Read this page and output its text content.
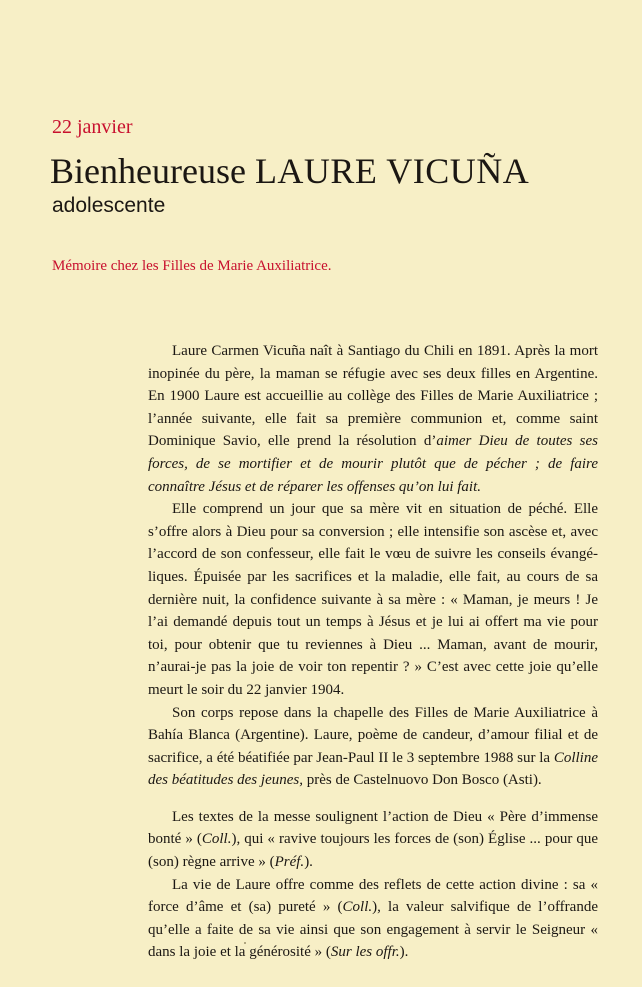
22 janvier
Bienheureuse LAURE VICUÑA
adolescente
Mémoire chez les Filles de Marie Auxiliatrice.

Laure Carmen Vicuña naît à Santiago du Chili en 1891. Après la mort inopinée du père, la maman se réfugie avec ses deux filles en Argentine. En 1900 Laure est accueillie au collège des Filles de Marie Auxiliatrice ; l’année suivante, elle fait sa première communion et, comme saint Dominique Savio, elle prend la résolution d’aimer Dieu de toutes ses forces, de se mortifier et de mourir plutôt que de pécher ; de faire connaître Jésus et de réparer les offenses qu’on lui fait.

Elle comprend un jour que sa mère vit en situation de péché. Elle s’offre alors à Dieu pour sa conversion ; elle intensifie son ascèse et, avec l’accord de son confesseur, elle fait le vœu de suivre les conseils évangéliques. Épuisée par les sacrifices et la maladie, elle fait, au cours de sa dernière nuit, la confidence suivante à sa mère : « Maman, je meurs ! Je l’ai demandé depuis tout un temps à Jésus et je lui ai offert ma vie pour toi, pour obtenir que tu reviennes à Dieu ... Maman, avant de mourir, n’aurai-je pas la joie de voir ton repentir ? » C’est avec cette joie qu’elle meurt le soir du 22 janvier 1904.

Son corps repose dans la chapelle des Filles de Marie Auxiliatrice à Bahía Blanca (Argentine). Laure, poème de candeur, d’amour filial et de sacrifice, a été béatifiée par Jean-Paul II le 3 septembre 1988 sur la Colline des béatitudes des jeunes, près de Castelnuovo Don Bosco (Asti).

Les textes de la messe soulignent l’action de Dieu « Père d’immense bonté » (Coll.), qui « ravive toujours les forces de (son) Église ... pour que (son) règne arrive » (Préf.).

La vie de Laure offre comme des reflets de cette action divine : sa « force d’âme et (sa) pureté » (Coll.), la valeur salvifique de l’offrande qu’elle a faite de sa vie ainsi que son engagement à servir le Seigneur « dans la joie et la générosité » (Sur les offr.).
